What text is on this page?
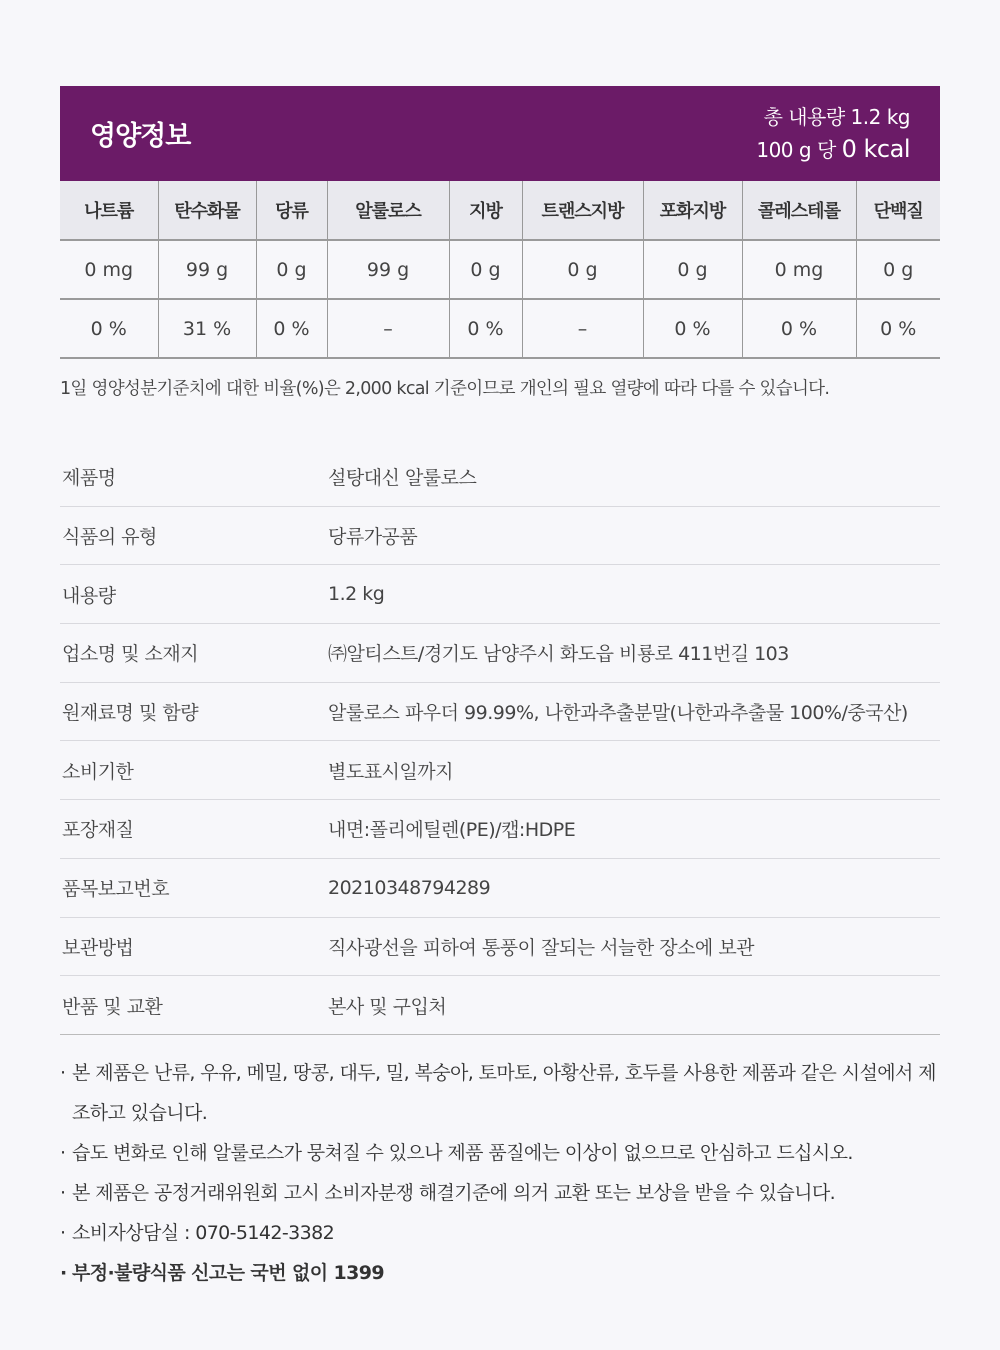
영양정보
총 내용량 1.2 kg
100 g 당 0 kcal
나트륨	탄수화물	당류	알룰로스	지방	트랜스지방	포화지방	콜레스테롤	단백질
0 mg	99 g	0 g	99 g	0 g	0 g	0 g	0 mg	0 g
0 %	31 %	0 %	–	0 %	–	0 %	0 %	0 %
1일 영양성분기준치에 대한 비율(%)은 2,000 kcal 기준이므로 개인의 필요 열량에 따라 다를 수 있습니다.
제품명	설탕대신 알룰로스
식품의 유형	당류가공품
내용량	1.2 kg
업소명 및 소재지	㈜알티스트/경기도 남양주시 화도읍 비룡로 411번길 103
원재료명 및 함량	알룰로스 파우더 99.99%, 나한과추출분말(나한과추출물 100%/중국산)
소비기한	별도표시일까지
포장재질	내면:폴리에틸렌(PE)/캡:HDPE
품목보고번호	20210348794289
보관방법	직사광선을 피하여 통풍이 잘되는 서늘한 장소에 보관
반품 및 교환	본사 및 구입처
· 본 제품은 난류, 우유, 메밀, 땅콩, 대두, 밀, 복숭아, 토마토, 아황산류, 호두를 사용한 제품과 같은 시설에서 제조하고 있습니다.
· 습도 변화로 인해 알룰로스가 뭉쳐질 수 있으나 제품 품질에는 이상이 없으므로 안심하고 드십시오.
· 본 제품은 공정거래위원회 고시 소비자분쟁 해결기준에 의거 교환 또는 보상을 받을 수 있습니다.
· 소비자상담실 : 070-5142-3382
· 부정·불량식품 신고는 국번 없이 1399
